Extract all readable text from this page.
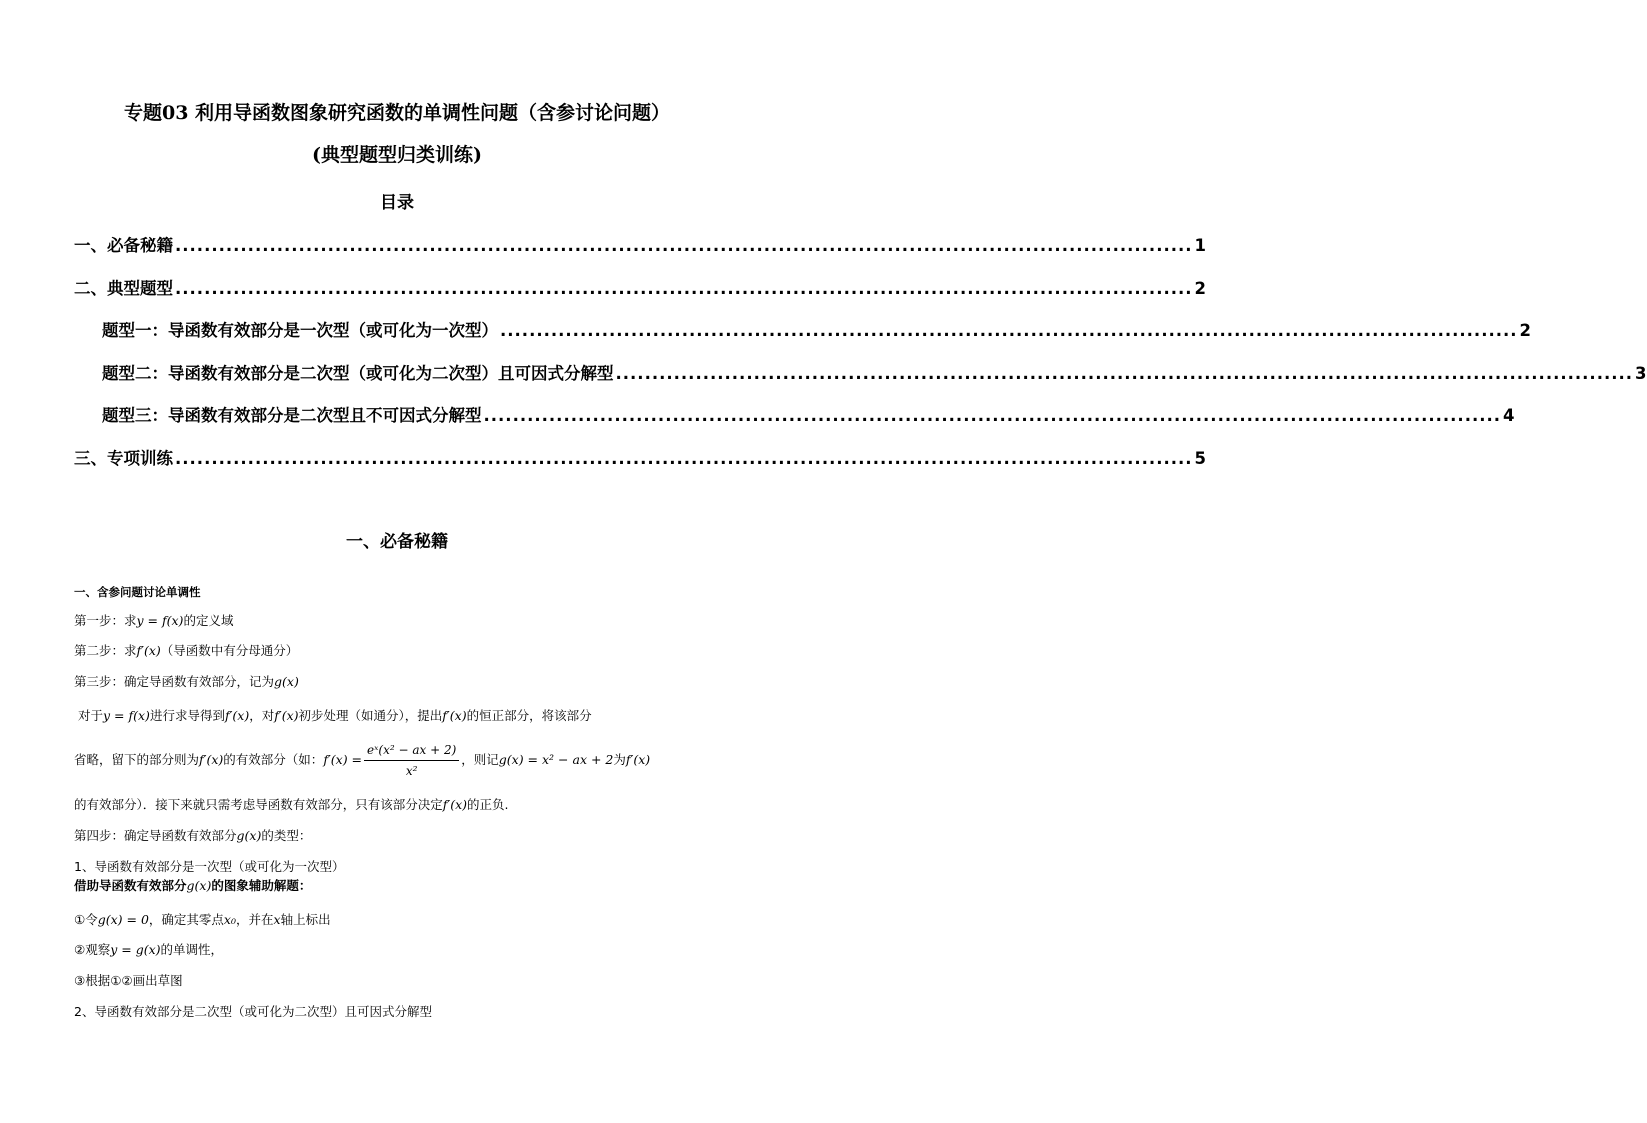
专题03 利用导函数图象研究函数的单调性问题（含参讨论问题）
(典型题型归类训练)
目录
一、必备秘籍 ............................................................................................................................................ 1
二、典型题型 ............................................................................................................................................ 2
题型一：导函数有效部分是一次型（或可化为一次型） ............................................................................................................................................ 2
题型二：导函数有效部分是二次型（或可化为二次型）且可因式分解型 ............................................................................................................................................ 3
题型三：导函数有效部分是二次型且不可因式分解型 ............................................................................................................................................ 4
三、专项训练 ............................................................................................................................................ 5
一、必备秘籍
一、含参问题讨论单调性
第一步：求y = f(x)的定义域
第二步：求f′(x)（导函数中有分母通分）
第三步：确定导函数有效部分，记为g(x)
对于y = f(x)进行求导得到f′(x)，对f′(x)初步处理（如通分），提出f′(x)的恒正部分，将该部分
省略，留下的部分则为f′(x)的有效部分（如：$f'(x) = \frac{\text{eˣ(x² − ax + 2)}}{\text{x²}}$ ，则记g(x) = x² − ax + 2为f′(x)
的有效部分）．接下来就只需考虑导函数有效部分，只有该部分决定f′(x)的正负.
第四步：确定导函数有效部分g(x)的类型：
1、导函数有效部分是一次型（或可化为一次型）
借助导函数有效部分g(x)的图象辅助解题：
①令g(x) = 0，确定其零点x₀，并在x轴上标出
②观察y = g(x)的单调性，
③根据①②画出草图
2、导函数有效部分是二次型（或可化为二次型）且可因式分解型
